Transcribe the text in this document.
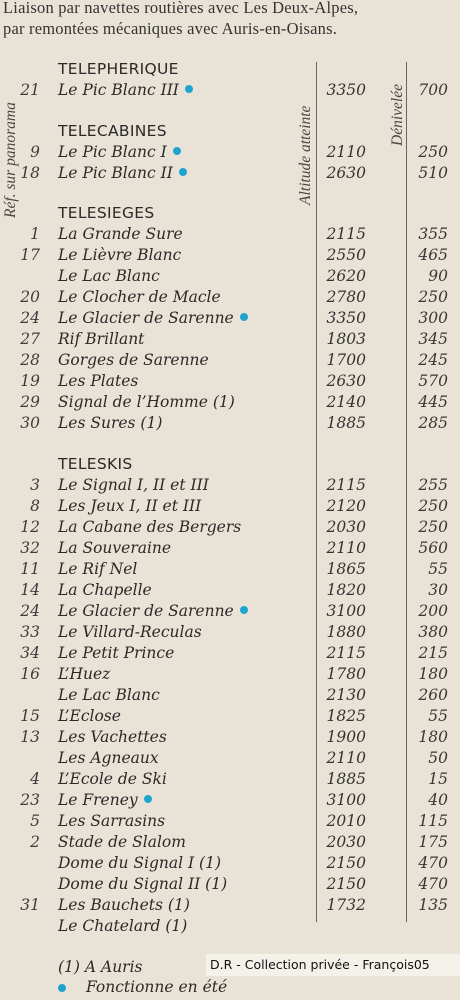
Liaison par navettes routières avec Les Deux-Alpes,
par remontées mécaniques avec Auris-en-Oisans.
Réf. sur panorama	Altitude atteinte	Dénivelée
TELEPHERIQUE
21 Le Pic Blanc III	3350	700
TELECABINES
9 Le Pic Blanc I	2110	250
18 Le Pic Blanc II	2630	510
TELESIEGES
1 La Grande Sure	2115	355
17 Le Lièvre Blanc	2550	465
Le Lac Blanc	2620	90
20 Le Clocher de Macle	2780	250
24 Le Glacier de Sarenne	3350	300
27 Rif Brillant	1803	345
28 Gorges de Sarenne	1700	245
19 Les Plates	2630	570
29 Signal de l’Homme (1)	2140	445
30 Les Sures (1)	1885	285
TELESKIS
3 Le Signal I, II et III	2115	255
8 Les Jeux I, II et III	2120	250
12 La Cabane des Bergers	2030	250
32 La Souveraine	2110	560
11 Le Rif Nel	1865	55
14 La Chapelle	1820	30
24 Le Glacier de Sarenne	3100	200
33 Le Villard-Reculas	1880	380
34 Le Petit Prince	2115	215
16 L’Huez	1780	180
Le Lac Blanc	2130	260
15 L’Eclose	1825	55
13 Les Vachettes	1900	180
Les Agneaux	2110	50
4 L’Ecole de Ski	1885	15
23 Le Freney	3100	40
5 Les Sarrasins	2010	115
2 Stade de Slalom	2030	175
Dome du Signal I (1)	2150	470
Dome du Signal II (1)	2150	470
31 Les Bauchets (1)	1732	135
Le Chatelard (1)
(1) A Auris
Fonctionne en été
D.R - Collection privée - François05
